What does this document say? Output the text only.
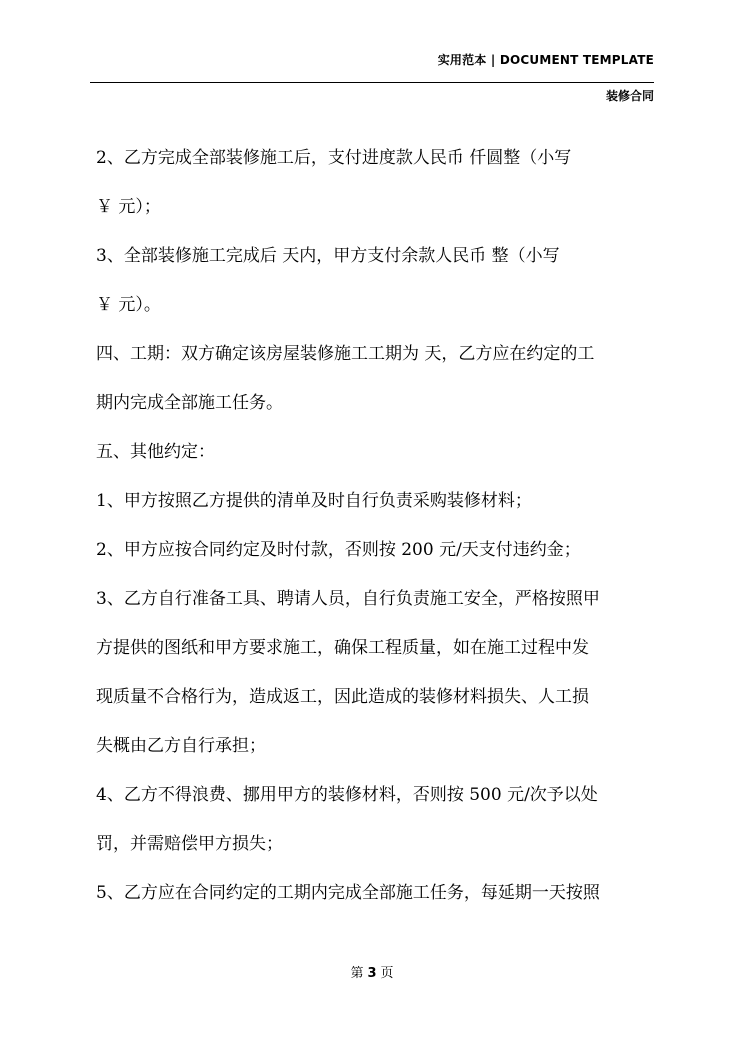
实用范本 | DOCUMENT TEMPLATE
装修合同

2、乙方完成全部装修施工后，支付进度款人民币 仟圆整（小写

￥ 元）；

3、全部装修施工完成后 天内，甲方支付余款人民币 整（小写

￥ 元）。

四、工期：双方确定该房屋装修施工工期为 天，乙方应在约定的工

期内完成全部施工任务。

五、其他约定：

1、甲方按照乙方提供的清单及时自行负责采购装修材料；

2、甲方应按合同约定及时付款，否则按 200 元/天支付违约金；

3、乙方自行准备工具、聘请人员，自行负责施工安全，严格按照甲

方提供的图纸和甲方要求施工，确保工程质量，如在施工过程中发

现质量不合格行为，造成返工，因此造成的装修材料损失、人工损

失概由乙方自行承担；

4、乙方不得浪费、挪用甲方的装修材料，否则按 500 元/次予以处

罚，并需赔偿甲方损失；

5、乙方应在合同约定的工期内完成全部施工任务，每延期一天按照

第 3 页
